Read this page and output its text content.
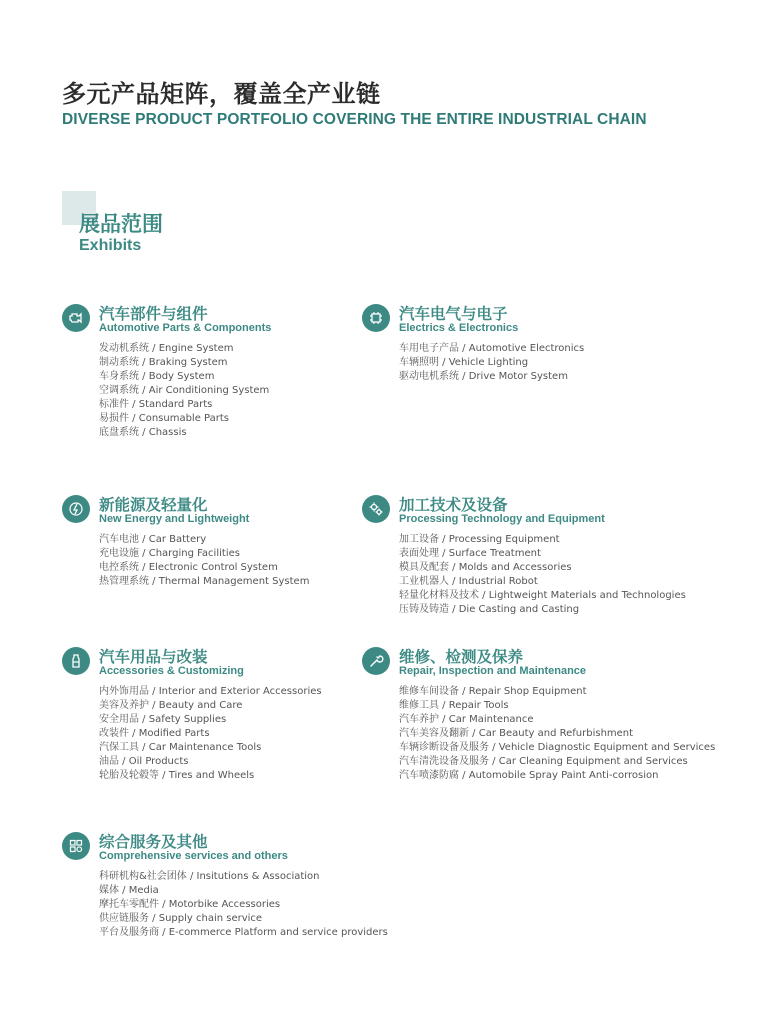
多元产品矩阵，覆盖全产业链
DIVERSE PRODUCT PORTFOLIO COVERING THE ENTIRE INDUSTRIAL CHAIN
展品范围
Exhibits
汽车部件与组件
Automotive Parts & Components
发动机系统 / Engine System
制动系统 / Braking System
车身系统 / Body System
空调系统 / Air Conditioning System
标准件 / Standard Parts
易损件 / Consumable Parts
底盘系统 / Chassis
汽车电气与电子
Electrics & Electronics
车用电子产品 / Automotive Electronics
车辆照明 / Vehicle Lighting
驱动电机系统 / Drive Motor System
新能源及轻量化
New Energy and Lightweight
汽车电池 / Car Battery
充电设施 / Charging Facilities
电控系统 / Electronic Control System
热管理系统 / Thermal Management System
加工技术及设备
Processing Technology and Equipment
加工设备 / Processing Equipment
表面处理 / Surface Treatment
模具及配套 / Molds and Accessories
工业机器人 / Industrial Robot
轻量化材料及技术 / Lightweight Materials and Technologies
压铸及铸造 / Die Casting and Casting
汽车用品与改装
Accessories & Customizing
内外饰用品 / Interior and Exterior Accessories
美容及养护 / Beauty and Care
安全用品 / Safety Supplies
改装件 / Modified Parts
汽保工具 / Car Maintenance Tools
油品 / Oil Products
轮胎及轮毂等 / Tires and Wheels
维修、检测及保养
Repair, Inspection and Maintenance
维修车间设备 / Repair Shop Equipment
维修工具 / Repair Tools
汽车养护 / Car Maintenance
汽车美容及翻新 / Car Beauty and Refurbishment
车辆诊断设备及服务 / Vehicle Diagnostic Equipment and Services
汽车清洗设备及服务 / Car Cleaning Equipment and Services
汽车喷漆防腐 / Automobile Spray Paint Anti-corrosion
综合服务及其他
Comprehensive services and others
科研机构&社会团体 / Insitutions & Association
媒体 / Media
摩托车零配件 / Motorbike Accessories
供应链服务 / Supply chain service
平台及服务商 / E-commerce Platform and service providers
